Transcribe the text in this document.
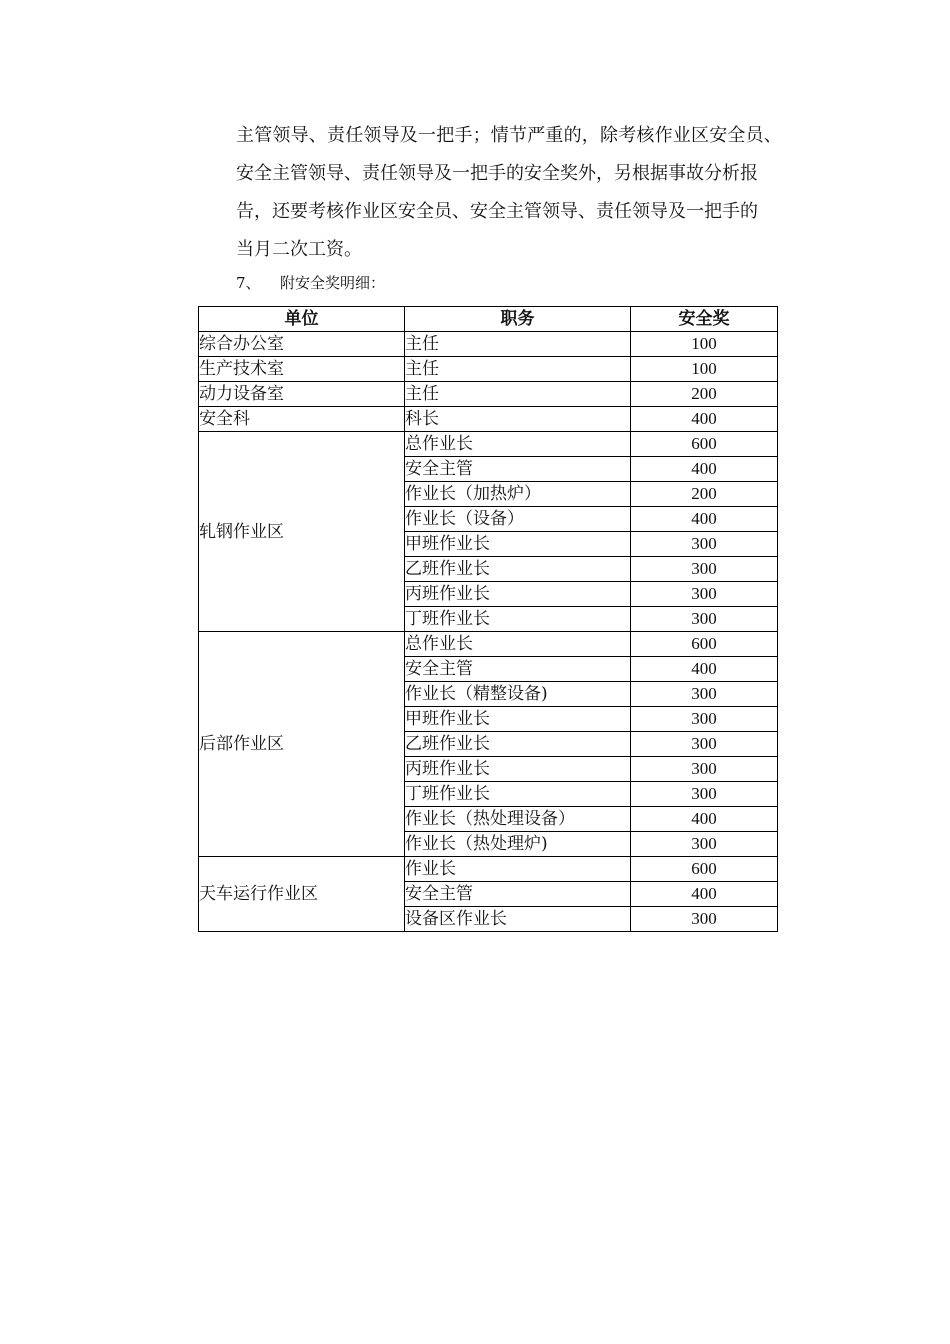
主管领导、责任领导及一把手；情节严重的，除考核作业区安全员、
安全主管领导、责任领导及一把手的安全奖外，另根据事故分析报
告，还要考核作业区安全员、安全主管领导、责任领导及一把手的
当月二次工资。
7、 附安全奖明细：
单位	职务	安全奖
综合办公室	主任	100
生产技术室	主任	100
动力设备室	主任	200
安全科	科长	400
轧钢作业区	总作业长	600
	安全主管	400
	作业长（加热炉）	200
	作业长（设备）	400
	甲班作业长	300
	乙班作业长	300
	丙班作业长	300
	丁班作业长	300
后部作业区	总作业长	600
	安全主管	400
	作业长（精整设备)	300
	甲班作业长	300
	乙班作业长	300
	丙班作业长	300
	丁班作业长	300
	作业长（热处理设备）	400
	作业长（热处理炉)	300
天车运行作业区	作业长	600
	安全主管	400
	设备区作业长	300
